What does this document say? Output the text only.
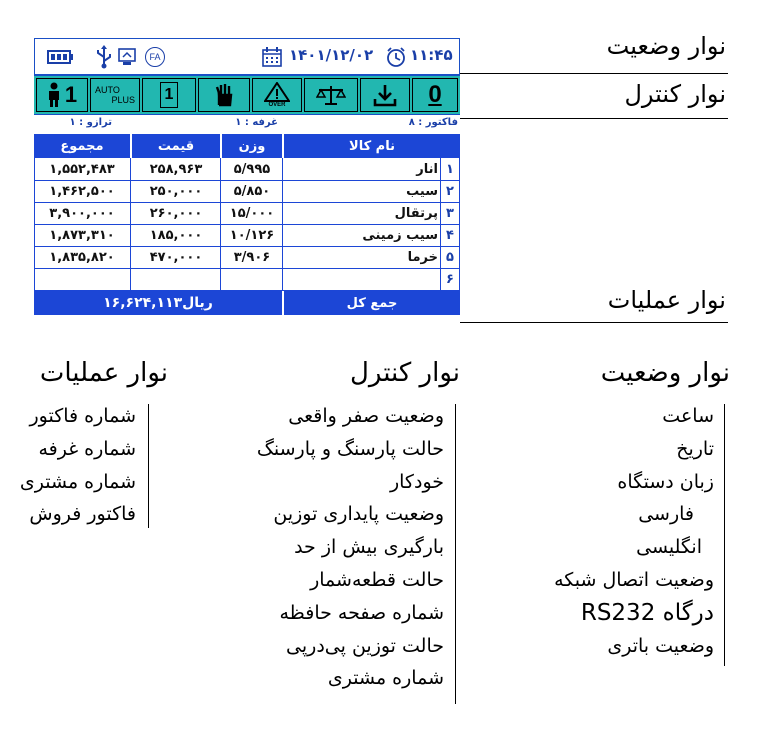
FA	۱۴۰۱/۱۲/۰۲ ۱۱:۴۵
1 AUTO
PLUS 1
OVER	0
فاکتور : ۸
غرفه : ۱
ترازو : ۱
مجموع	قیمت	وزن	نام کالا
۱,۵۵۲,۴۸۳	۲۵۸,۹۶۳	۵/۹۹۵	انار ۱
۱,۴۶۲,۵۰۰	۲۵۰,۰۰۰	۵/۸۵۰	سیب ۲
۳,۹۰۰,۰۰۰	۲۶۰,۰۰۰	۱۵/۰۰۰	پرتقال ۳
۱,۸۷۳,۳۱۰	۱۸۵,۰۰۰	۱۰/۱۲۶	سیب زمینی ۴
۱,۸۳۵,۸۲۰	۴۷۰,۰۰۰	۳/۹۰۶	خرما ۵
۶
۱۶,۶۲۴,۱۱۳ریال	جمع کل
نوار وضعیت
نوار کنترل
نوار عملیات
نوار وضعیت
ساعت
تاریخ
زبان دستگاه
فارسی
انگلیسی
وضعیت اتصال شبکه
درگاه RS232
وضعیت باتری
نوار کنترل
وضعیت صفر واقعی
حالت پارسنگ و پارسنگ
خودکار
وضعیت پایداری توزین
بارگیری بیش از حد
حالت قطعه‌شمار
شماره صفحه حافظه
حالت توزین پی‌درپی
شماره مشتری
نوار عملیات
شماره فاکتور
شماره غرفه
شماره مشتری
فاکتور فروش
